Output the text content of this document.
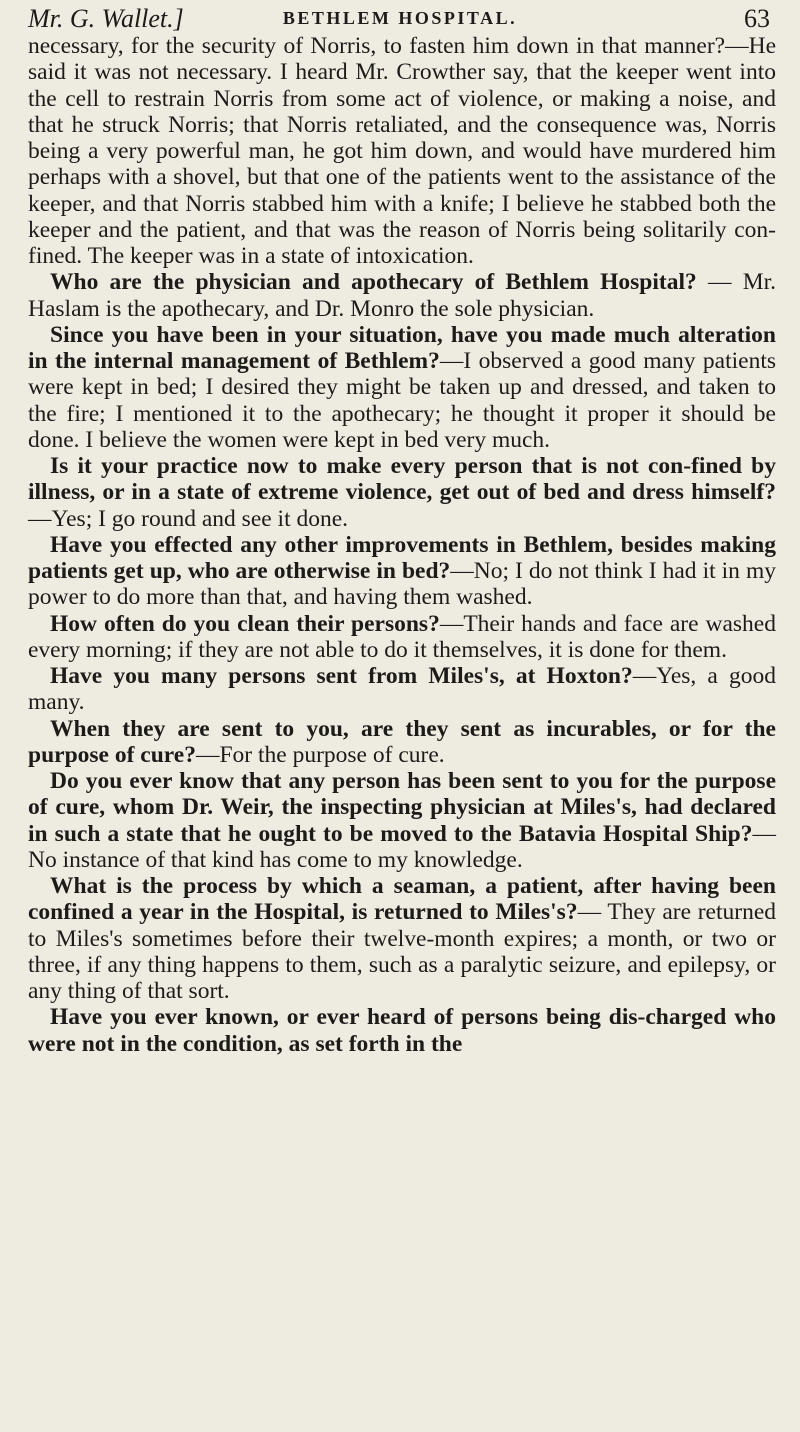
Mr. G. Wallet.]	BETHLEM HOSPITAL.	63

necessary, for the security of Norris, to fasten him down in that manner?—He said it was not necessary. I heard Mr. Crowther say, that the keeper went into the cell to restrain Norris from some act of violence, or making a noise, and that he struck Norris; that Norris retaliated, and the consequence was, Norris being a very powerful man, he got him down, and would have murdered him perhaps with a shovel, but that one of the patients went to the assistance of the keeper, and that Norris stabbed him with a knife; I believe he stabbed both the keeper and the patient, and that was the reason of Norris being solitarily con-fined. The keeper was in a state of intoxication.

Who are the physician and apothecary of Bethlem Hospital? — Mr. Haslam is the apothecary, and Dr. Monro the sole physician.

Since you have been in your situation, have you made much alteration in the internal management of Bethlem?—I observed a good many patients were kept in bed; I desired they might be taken up and dressed, and taken to the fire; I mentioned it to the apothecary; he thought it proper it should be done. I believe the women were kept in bed very much.

Is it your practice now to make every person that is not con-fined by illness, or in a state of extreme violence, get out of bed and dress himself?—Yes; I go round and see it done.

Have you effected any other improvements in Bethlem, besides making patients get up, who are otherwise in bed?—No; I do not think I had it in my power to do more than that, and having them washed.

How often do you clean their persons?—Their hands and face are washed every morning; if they are not able to do it themselves, it is done for them.

Have you many persons sent from Miles's, at Hoxton?—Yes, a good many.

When they are sent to you, are they sent as incurables, or for the purpose of cure?—For the purpose of cure.

Do you ever know that any person has been sent to you for the purpose of cure, whom Dr. Weir, the inspecting physician at Miles's, had declared in such a state that he ought to be moved to the Batavia Hospital Ship?—No instance of that kind has come to my knowledge.

What is the process by which a seaman, a patient, after having been confined a year in the Hospital, is returned to Miles's?— They are returned to Miles's sometimes before their twelve-month expires; a month, or two or three, if any thing happens to them, such as a paralytic seizure, and epilepsy, or any thing of that sort.

Have you ever known, or ever heard of persons being dis-charged who were not in the condition, as set forth in the
